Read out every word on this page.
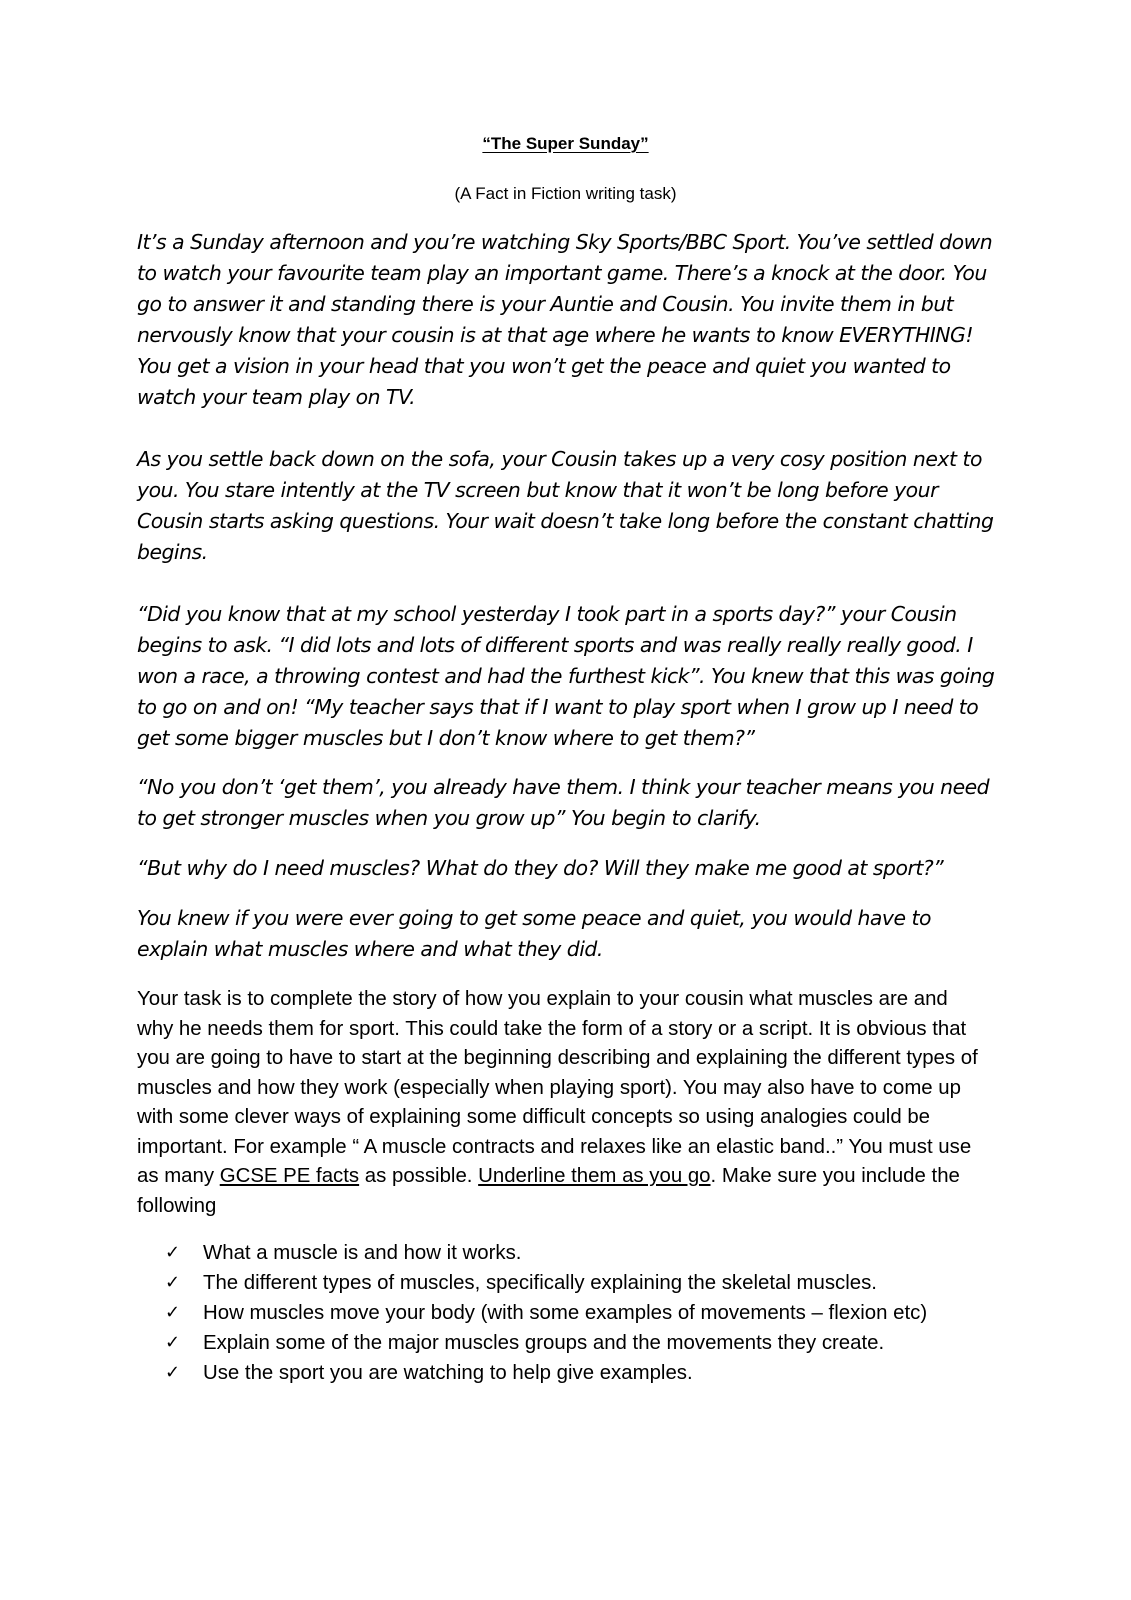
“The Super Sunday”
(A Fact in Fiction writing task)

It’s a Sunday afternoon and you’re watching Sky Sports/BBC Sport. You’ve settled down to watch your favourite team play an important game. There’s a knock at the door. You go to answer it and standing there is your Auntie and Cousin. You invite them in but nervously know that your cousin is at that age where he wants to know EVERYTHING! You get a vision in your head that you won’t get the peace and quiet you wanted to watch your team play on TV.

As you settle back down on the sofa, your Cousin takes up a very cosy position next to you. You stare intently at the TV screen but know that it won’t be long before your Cousin starts asking questions. Your wait doesn’t take long before the constant chatting begins.

“Did you know that at my school yesterday I took part in a sports day?” your Cousin begins to ask. “I did lots and lots of different sports and was really really really good. I won a race, a throwing contest and had the furthest kick”. You knew that this was going to go on and on! “My teacher says that if I want to play sport when I grow up I need to get some bigger muscles but I don’t know where to get them?”

“No you don’t ‘get them’, you already have them. I think your teacher means you need to get stronger muscles when you grow up” You begin to clarify.

“But why do I need muscles? What do they do? Will they make me good at sport?”

You knew if you were ever going to get some peace and quiet, you would have to explain what muscles where and what they did.

Your task is to complete the story of how you explain to your cousin what muscles are and why he needs them for sport. This could take the form of a story or a script. It is obvious that you are going to have to start at the beginning describing and explaining the different types of muscles and how they work (especially when playing sport). You may also have to come up with some clever ways of explaining some difficult concepts so using analogies could be important. For example “ A muscle contracts and relaxes like an elastic band..” You must use as many GCSE PE facts as possible. Underline them as you go. Make sure you include the following

✓ What a muscle is and how it works.
✓ The different types of muscles, specifically explaining the skeletal muscles.
✓ How muscles move your body (with some examples of movements – flexion etc)
✓ Explain some of the major muscles groups and the movements they create.
✓ Use the sport you are watching to help give examples.
